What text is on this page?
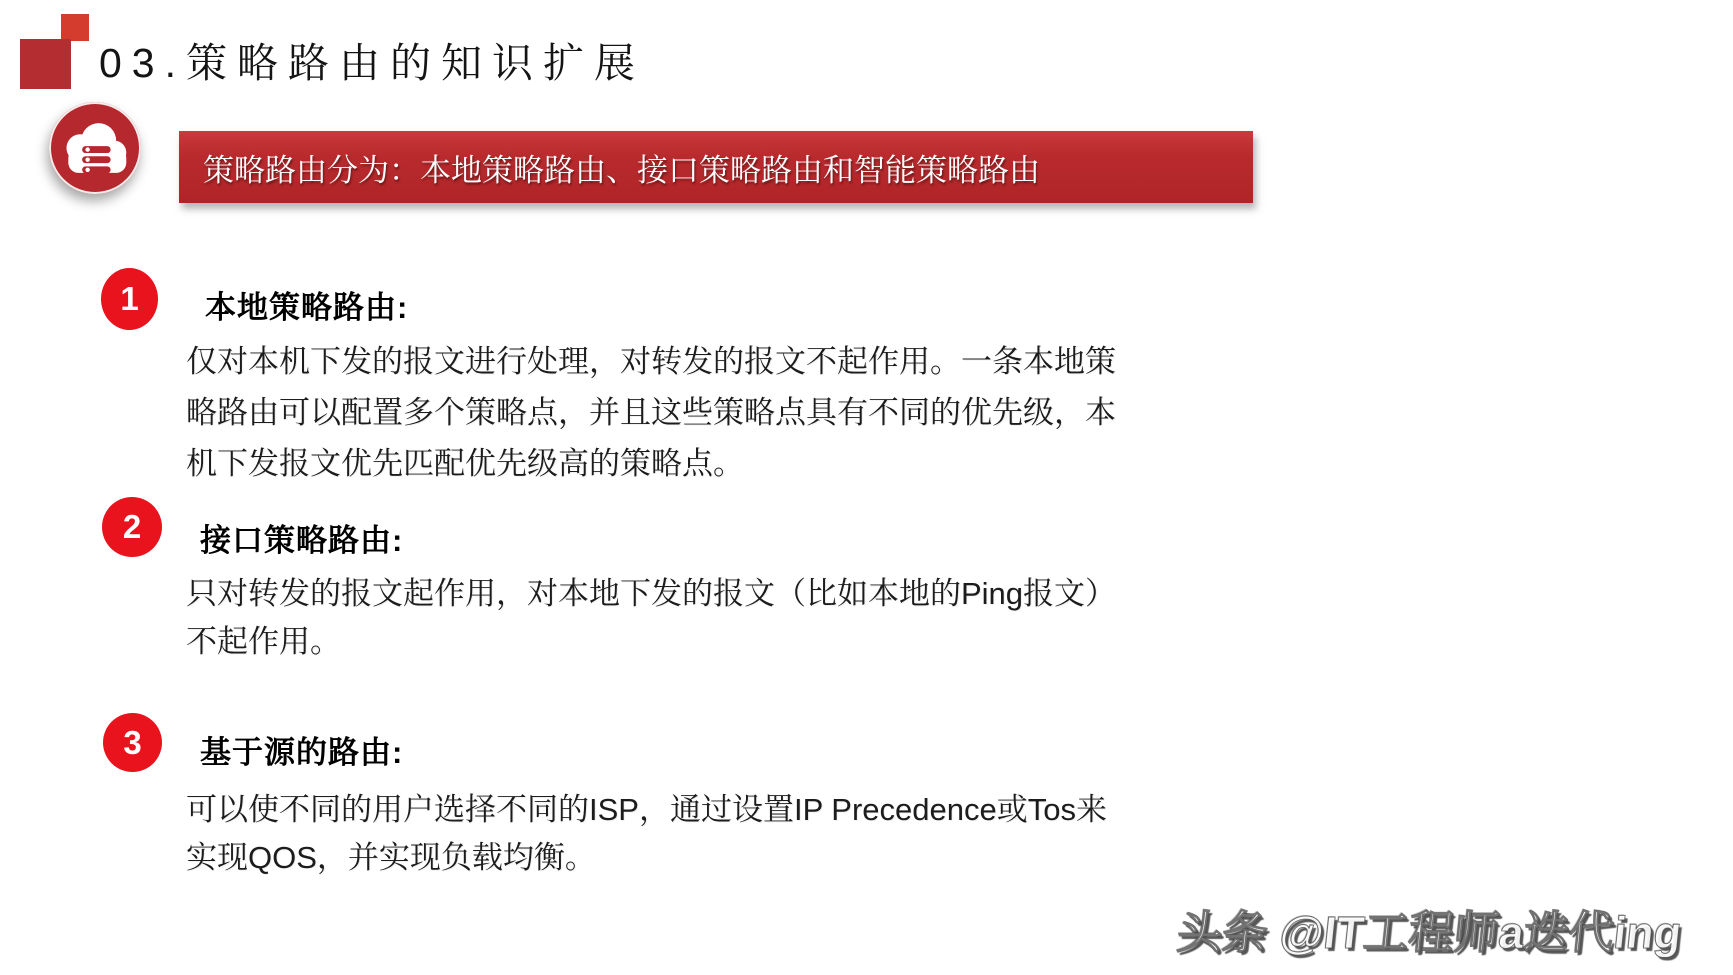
03.策略路由的知识扩展
策略路由分为：本地策略路由、接口策略路由和智能策略路由
1 本地策略路由:
仅对本机下发的报文进行处理，对转发的报文不起作用。一条本地策
略路由可以配置多个策略点，并且这些策略点具有不同的优先级，本
机下发报文优先匹配优先级高的策略点。
2 接口策略路由:
只对转发的报文起作用，对本地下发的报文（比如本地的Ping报文）
不起作用。
3 基于源的路由:
可以使不同的用户选择不同的ISP，通过设置IP Precedence或Tos来
实现QOS，并实现负载均衡。
头条 @IT工程师a迭代ing
